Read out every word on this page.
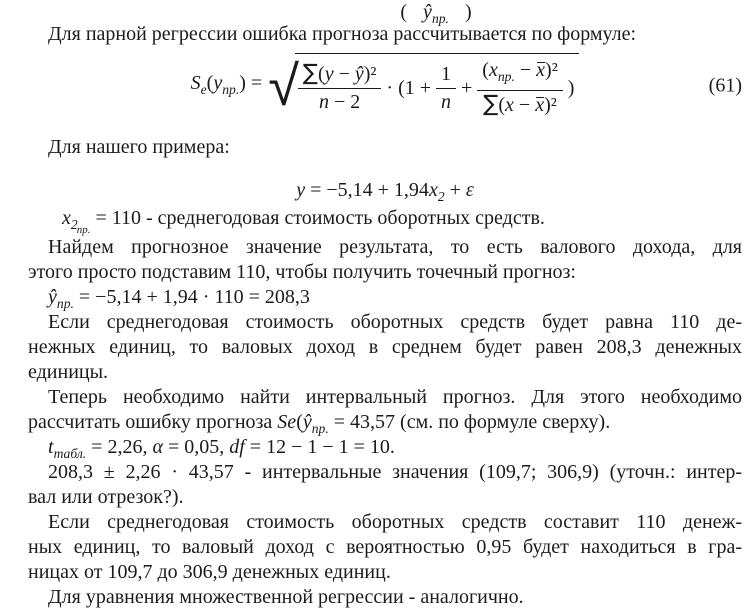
( $ŷ_{np.}$ )
Для парной регрессии ошибка прогноза рассчитывается по формуле:
$S_e(y_{np.})$ = √ $\frac{\text{∑(y − ŷ)²}}{n - 2} \cdot (1 + \frac{1}{n} + \frac{(x_{np.} - x)^2}{\text{∑(x − x)²}}$ )	(61)
Для нашего примера:
$y = -5,14 + 1,94x_2 + \varepsilon$
$x_{2np.} = 110$ - среднегодовая стоимость оборотных средств.
Найдем прогнозное значение результата, то есть валового дохода, для
этого просто подставим 110, чтобы получить точечный прогноз:
$ŷ_{np.} = -5,14 + 1,94 \cdot 110 = 208,3$
Если среднегодовая стоимость оборотных средств будет равна 110 де-
нежных единиц, то валовых доход в среднем будет равен 208,3 денежных
единицы.
Теперь необходимо найти интервальный прогноз. Для этого необходимо
рассчитать ошибку прогноза $Se(ŷ_{np.} = 43,57$ (см. по формуле сверху).
$t_{табл.} = 2,26$, α = 0,05, df = 12 − 1 − 1 = 10.
208,3 ± 2,26 · 43,57 - интервальные значения (109,7; 306,9) (уточн.: интер-
вал или отрезок?).
Если среднегодовая стоимость оборотных средств составит 110 денеж-
ных единиц, то валовый доход с вероятностью 0,95 будет находиться в гра-
ницах от 109,7 до 306,9 денежных единиц.
Для уравнения множественной регрессии - аналогично.
